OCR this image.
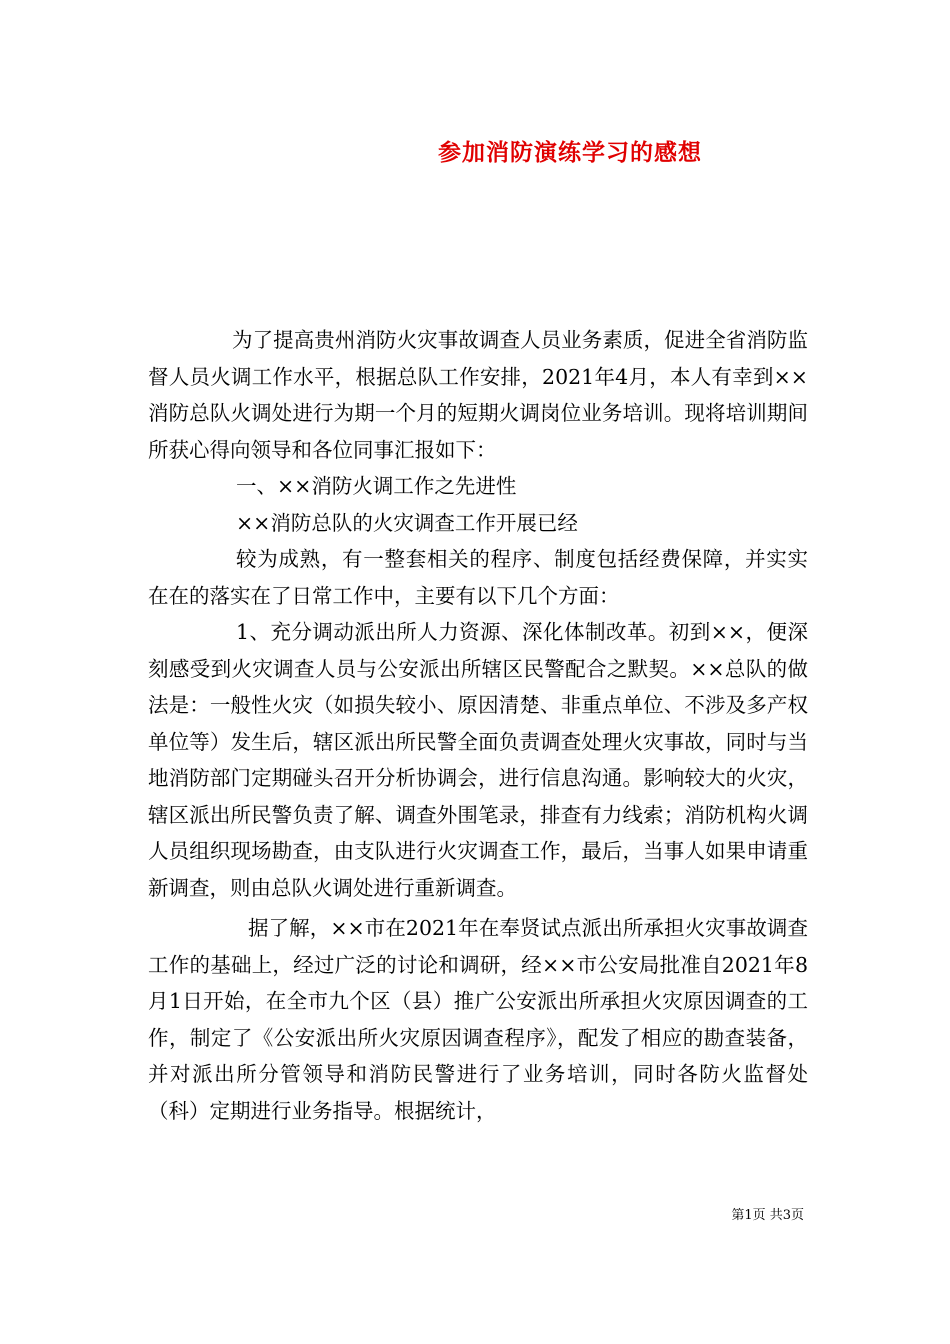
参加消防演练学习的感想

为了提高贵州消防火灾事故调查人员业务素质，促进全省消防监督人员火调工作水平，根据总队工作安排，2021年4月，本人有幸到××消防总队火调处进行为期一个月的短期火调岗位业务培训。现将培训期间所获心得向领导和各位同事汇报如下：

一、××消防火调工作之先进性

××消防总队的火灾调查工作开展已经

较为成熟，有一整套相关的程序、制度包括经费保障，并实实在在的落实在了日常工作中，主要有以下几个方面：

1、充分调动派出所人力资源、深化体制改革。初到××，便深刻感受到火灾调查人员与公安派出所辖区民警配合之默契。××总队的做法是：一般性火灾（如损失较小、原因清楚、非重点单位、不涉及多产权单位等）发生后，辖区派出所民警全面负责调查处理火灾事故，同时与当地消防部门定期碰头召开分析协调会，进行信息沟通。影响较大的火灾，辖区派出所民警负责了解、调查外围笔录，排查有力线索；消防机构火调人员组织现场勘查，由支队进行火灾调查工作，最后，当事人如果申请重新调查，则由总队火调处进行重新调查。

据了解，××市在2021年在奉贤试点派出所承担火灾事故调查工作的基础上，经过广泛的讨论和调研，经××市公安局批准自2021年8月1日开始，在全市九个区（县）推广公安派出所承担火灾原因调查的工作，制定了《公安派出所火灾原因调查程序》，配发了相应的勘查装备，并对派出所分管领导和消防民警进行了业务培训，同时各防火监督处（科）定期进行业务指导。根据统计，

第1页 共3页
